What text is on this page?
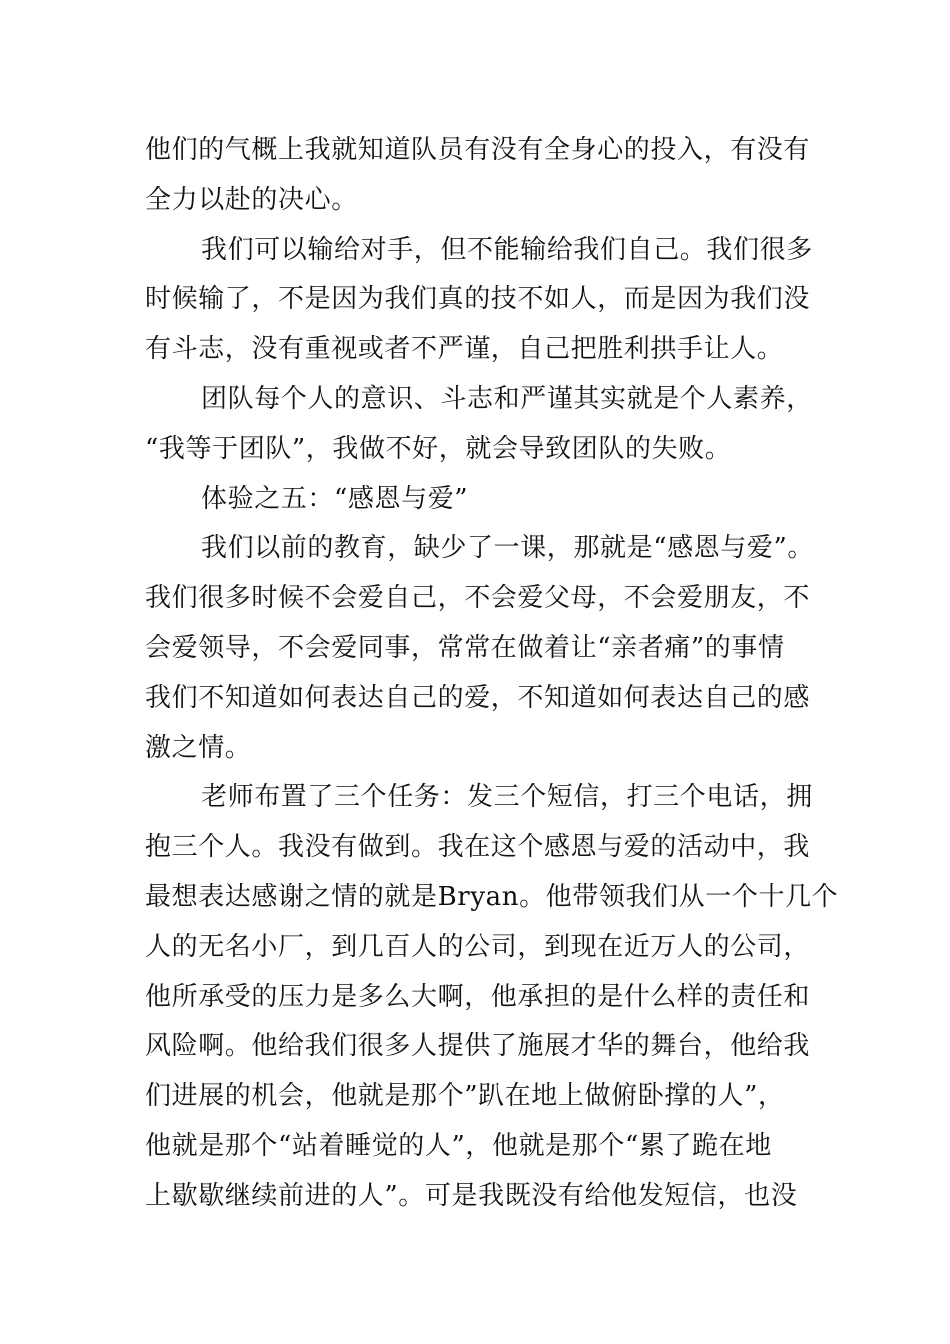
他们的气概上我就知道队员有没有全身心的投入，有没有
全力以赴的决心。
我们可以输给对手，但不能输给我们自己。我们很多
时候输了，不是因为我们真的技不如人，而是因为我们没
有斗志，没有重视或者不严谨，自己把胜利拱手让人。
团队每个人的意识、斗志和严谨其实就是个人素养，
“我等于团队”，我做不好，就会导致团队的失败。
体验之五：“感恩与爱”
我们以前的教育，缺少了一课，那就是“感恩与爱”。
我们很多时候不会爱自己，不会爱父母，不会爱朋友，不
会爱领导，不会爱同事，常常在做着让“亲者痛”的事情
我们不知道如何表达自己的爱，不知道如何表达自己的感
激之情。
老师布置了三个任务：发三个短信，打三个电话，拥
抱三个人。我没有做到。我在这个感恩与爱的活动中，我
最想表达感谢之情的就是Bryan。他带领我们从一个十几个
人的无名小厂，到几百人的公司，到现在近万人的公司，
他所承受的压力是多么大啊，他承担的是什么样的责任和
风险啊。他给我们很多人提供了施展才华的舞台，他给我
们进展的机会，他就是那个”趴在地上做俯卧撑的人”，
他就是那个“站着睡觉的人”，他就是那个“累了跪在地
上歇歇继续前进的人”。可是我既没有给他发短信，也没
